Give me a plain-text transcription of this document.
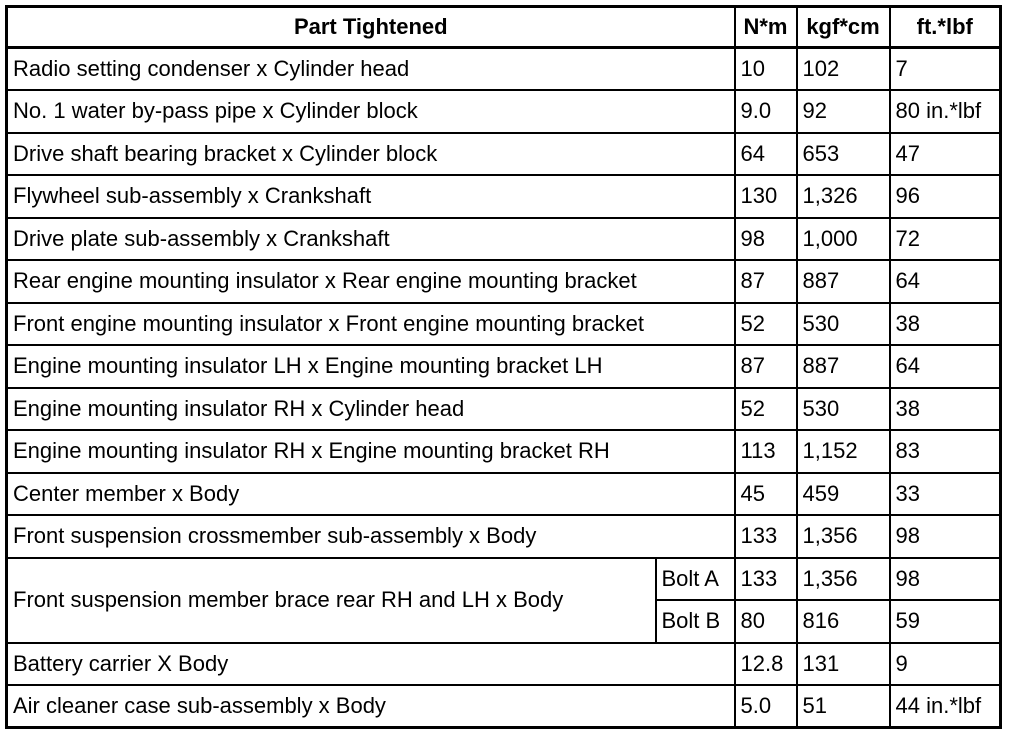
Part Tightened		N*m	kgf*cm	ft.*lbf
Radio setting condenser x Cylinder head		10	102	7
No. 1 water by-pass pipe x Cylinder block		9.0	92	80 in.*lbf
Drive shaft bearing bracket x Cylinder block		64	653	47
Flywheel sub-assembly x Crankshaft		130	1,326	96
Drive plate sub-assembly x Crankshaft		98	1,000	72
Rear engine mounting insulator x Rear engine mounting bracket		87	887	64
Front engine mounting insulator x Front engine mounting bracket		52	530	38
Engine mounting insulator LH x Engine mounting bracket LH		87	887	64
Engine mounting insulator RH x Cylinder head		52	530	38
Engine mounting insulator RH x Engine mounting bracket RH		113	1,152	83
Center member x Body		45	459	33
Front suspension crossmember sub-assembly x Body		133	1,356	98
Front suspension member brace rear RH and LH x Body	Bolt A	133	1,356	98
	Bolt B	80	816	59
Battery carrier X Body		12.8	131	9
Air cleaner case sub-assembly x Body		5.0	51	44 in.*lbf
